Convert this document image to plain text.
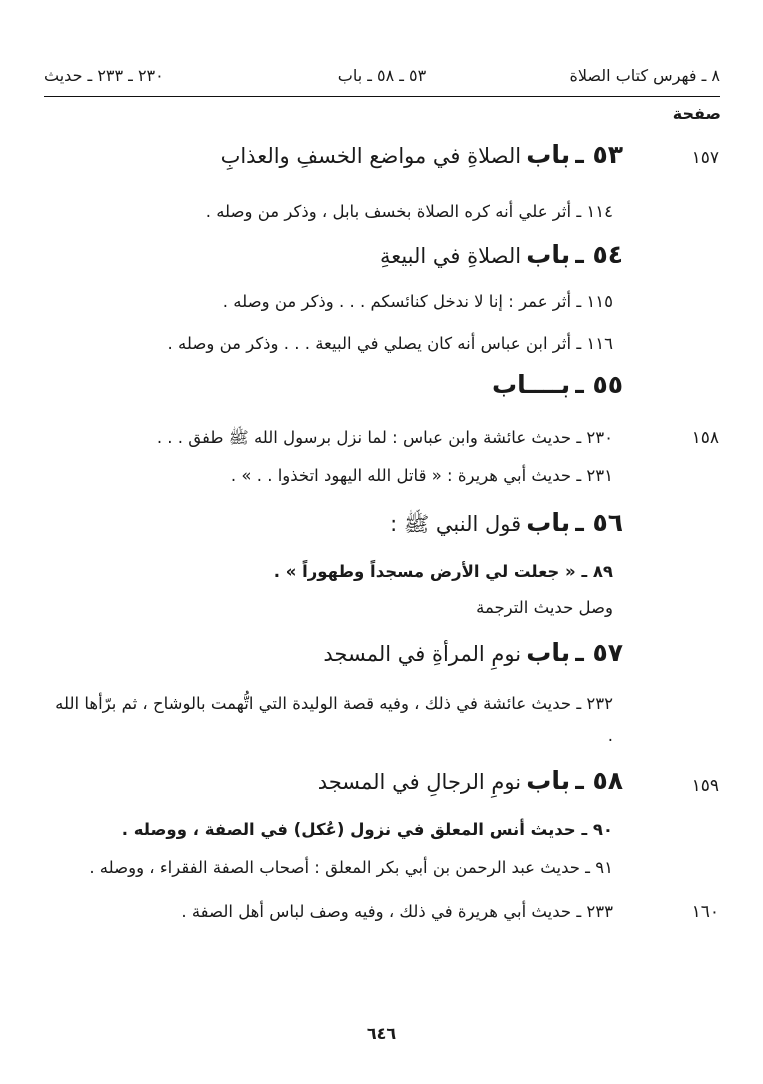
٨ ـ فهرس كتاب الصلاة
٥٣ ـ ٥٨ ـ باب
٢٣٠ ـ ٢٣٣ ـ حديث
صفحة
١٥٧
٥٣ ـ باب الصلاةِ في مواضع الخسفِ والعذابِ
١١٤ ـ أثر علي أنه كره الصلاة بخسف بابل ، وذكر من وصله .
٥٤ ـ باب الصلاةِ في البيعةِ
١١٥ ـ أثر عمر : إنا لا ندخل كنائسكم . . . وذكر من وصله .
١١٦ ـ أثر ابن عباس أنه كان يصلي في البيعة . . . وذكر من وصله .
٥٥ ـ بــــاب
١٥٨
٢٣٠ ـ حديث عائشة وابن عباس : لما نزل برسول الله ﷺ طفق . . .
٢٣١ ـ حديث أبي هريرة : « قاتل الله اليهود اتخذوا . . » .
٥٦ ـ باب قول النبي ﷺ :
٨٩ ـ « جعلت لي الأرض مسجداً وطهوراً » .
وصل حديث الترجمة
٥٧ ـ باب نومِ المرأةِ في المسجد
٢٣٢ ـ حديث عائشة في ذلك ، وفيه قصة الوليدة التي اتُّهمت بالوشاح ، ثم برّأها الله .
١٥٩
٥٨ ـ باب نومِ الرجالِ في المسجد
٩٠ ـ حديث أنس المعلق في نزول (عُكل) في الصفة ، ووصله .
٩١ ـ حديث عبد الرحمن بن أبي بكر المعلق : أصحاب الصفة الفقراء ، ووصله .
١٦٠
٢٣٣ ـ حديث أبي هريرة في ذلك ، وفيه وصف لباس أهل الصفة .
٦٤٦
